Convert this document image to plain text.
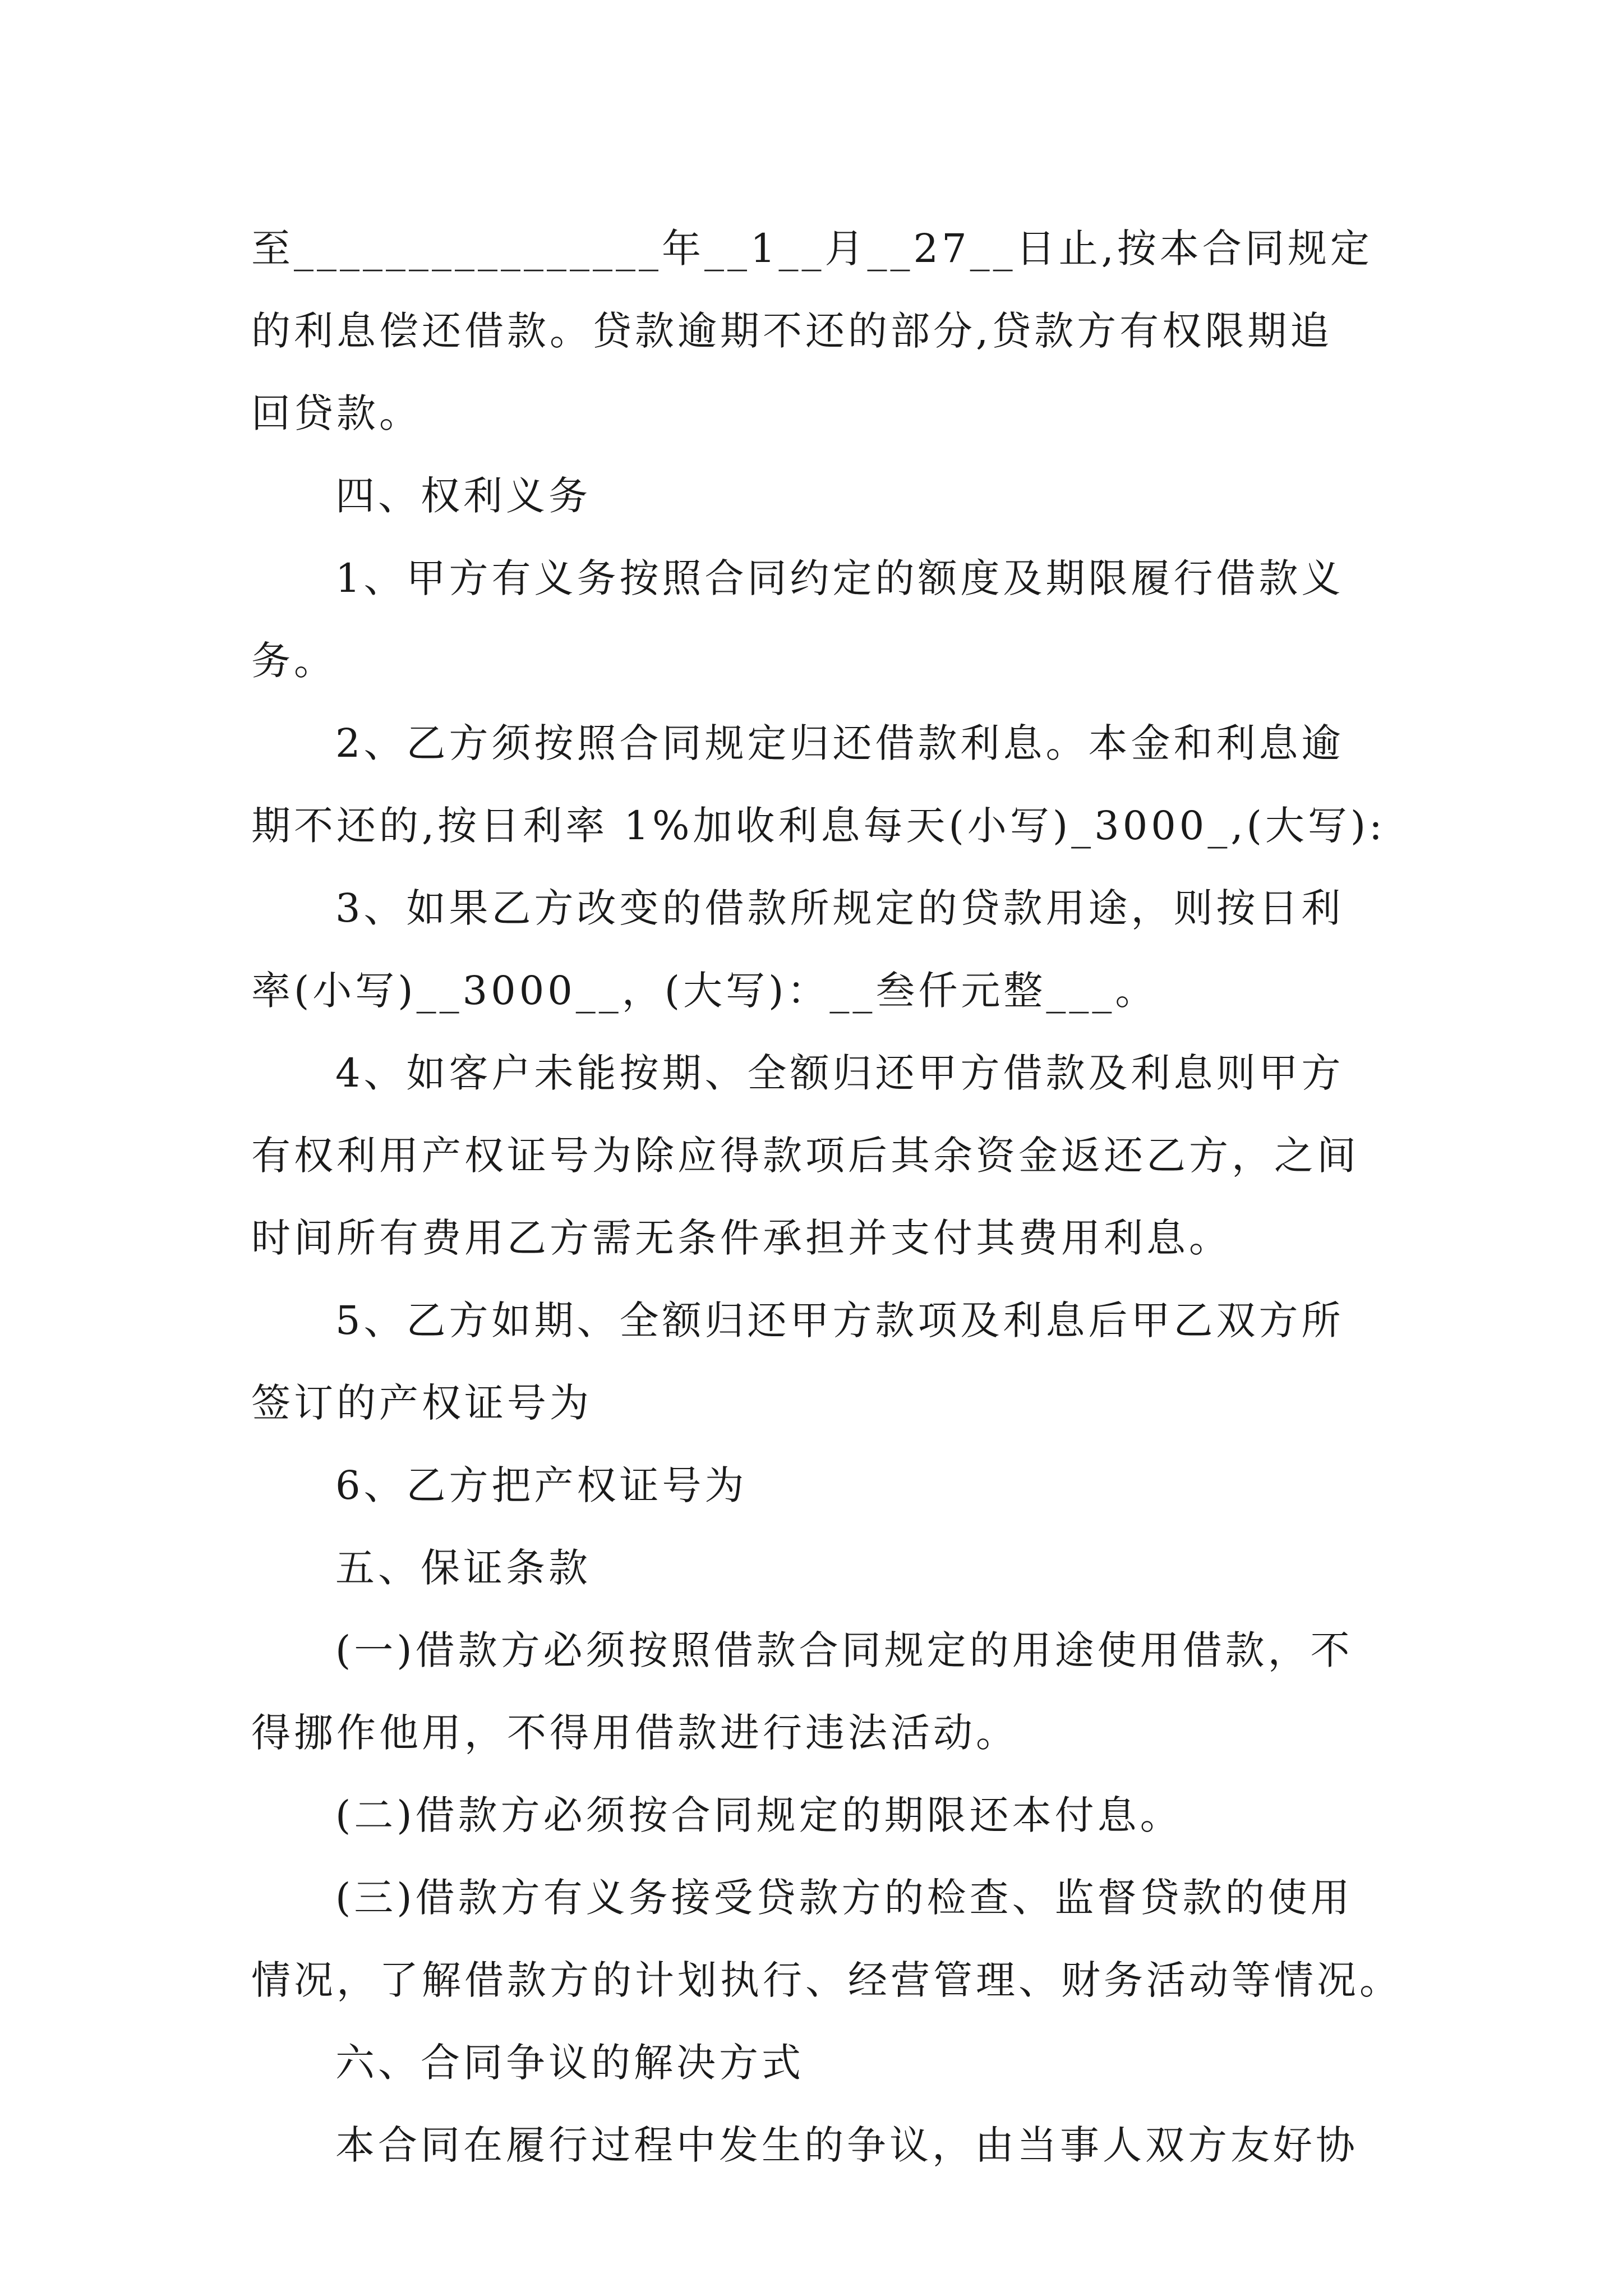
至________________年__1__月__27__日止,按本合同规定
的利息偿还借款。贷款逾期不还的部分,贷款方有权限期追
回贷款。
四、权利义务
1、甲方有义务按照合同约定的额度及期限履行借款义
务。
2、乙方须按照合同规定归还借款利息。本金和利息逾
期不还的,按日利率 1%加收利息每天(小写)_3000_,(大写):
3、如果乙方改变的借款所规定的贷款用途，则按日利
率(小写)__3000__，(大写)：__叁仟元整___。
4、如客户未能按期、全额归还甲方借款及利息则甲方
有权利用产权证号为除应得款项后其余资金返还乙方，之间
时间所有费用乙方需无条件承担并支付其费用利息。
5、乙方如期、全额归还甲方款项及利息后甲乙双方所
签订的产权证号为
6、乙方把产权证号为
五、保证条款
(一)借款方必须按照借款合同规定的用途使用借款，不
得挪作他用，不得用借款进行违法活动。
(二)借款方必须按合同规定的期限还本付息。
(三)借款方有义务接受贷款方的检查、监督贷款的使用
情况，了解借款方的计划执行、经营管理、财务活动等情况。
六、合同争议的解决方式
本合同在履行过程中发生的争议，由当事人双方友好协
